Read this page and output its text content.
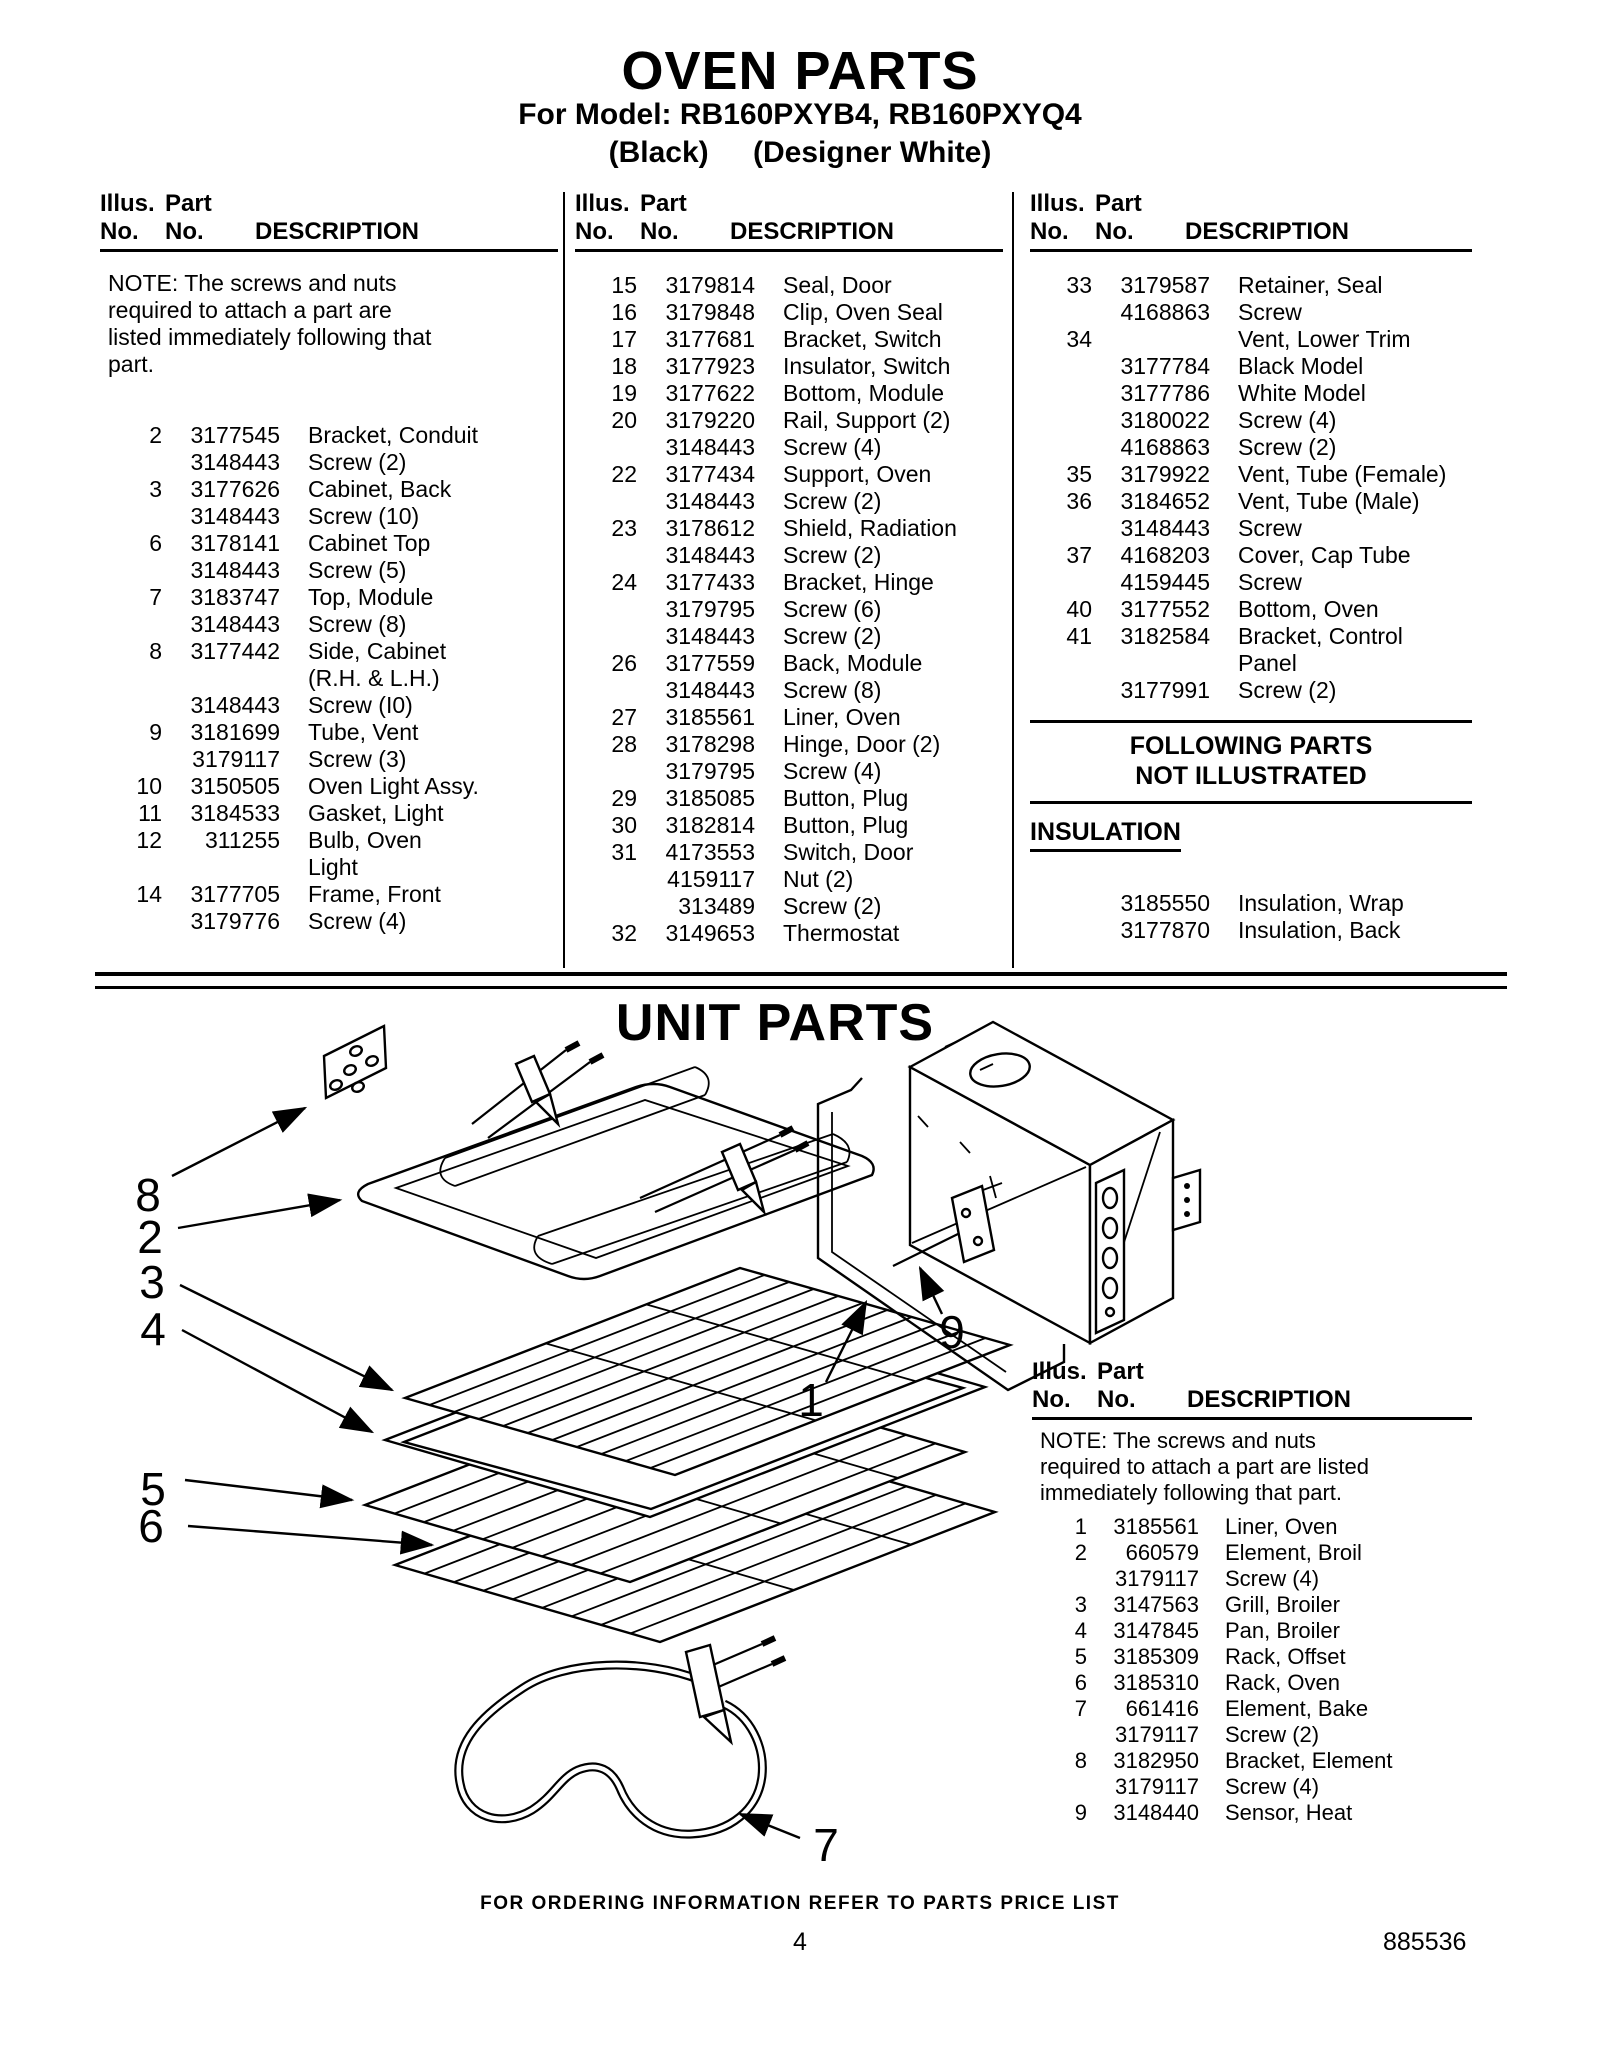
OVEN PARTS
For Model: RB160PXYB4, RB160PXYQ4
(Black) (Designer White)
Illus. Part
No. No. DESCRIPTION
NOTE: The screws and nuts required to attach a part are listed immediately following that part.
2	3177545	Bracket, Conduit

3148443	Screw (2)
3	3177626	Cabinet, Back

3148443	Screw (10)
6	3178141	Cabinet Top

3148443	Screw (5)
7	3183747	Top, Module

3148443	Screw (8)
8	3177442	Side, Cabinet

(R.H. & L.H.)

3148443	Screw (I0)
9	3181699	Tube, Vent

3179117	Screw (3)
10	3150505	Oven Light Assy.
11	3184533	Gasket, Light
12	311255	Bulb, Oven

Light
14	3177705	Frame, Front

3179776	Screw (4)
Illus. Part
No. No. DESCRIPTION
15	3179814	Seal, Door
16	3179848	Clip, Oven Seal
17	3177681	Bracket, Switch
18	3177923	Insulator, Switch
19	3177622	Bottom, Module
20	3179220	Rail, Support (2)

3148443	Screw (4)
22	3177434	Support, Oven

3148443	Screw (2)
23	3178612	Shield, Radiation

3148443	Screw (2)
24	3177433	Bracket, Hinge

3179795	Screw (6)

3148443	Screw (2)
26	3177559	Back, Module

3148443	Screw (8)
27	3185561	Liner, Oven
28	3178298	Hinge, Door (2)

3179795	Screw (4)
29	3185085	Button, Plug
30	3182814	Button, Plug
31	4173553	Switch, Door

4159117	Nut (2)

313489	Screw (2)
32	3149653	Thermostat
Illus. Part
No. No. DESCRIPTION
33	3179587	Retainer, Seal

4168863	Screw
34
	Vent, Lower Trim

3177784	Black Model

3177786	White Model

3180022	Screw (4)

4168863	Screw (2)
35	3179922	Vent, Tube (Female)
36	3184652	Vent, Tube (Male)

3148443	Screw
37	4168203	Cover, Cap Tube

4159445	Screw
40	3177552	Bottom, Oven
41	3182584	Bracket, Control

Panel

3177991	Screw (2)
FOLLOWING PARTS
NOT ILLUSTRATED
INSULATION

3185550	Insulation, Wrap

3177870	Insulation, Back
UNIT PARTS
8
2
3
4
5
6
1
9
7
Illus. Part
No. No. DESCRIPTION
NOTE: The screws and nuts required to attach a part are listed immediately following that part.
1	3185561	Liner, Oven
2	660579	Element, Broil

3179117	Screw (4)
3	3147563	Grill, Broiler
4	3147845	Pan, Broiler
5	3185309	Rack, Offset
6	3185310	Rack, Oven
7	661416	Element, Bake

3179117	Screw (2)
8	3182950	Bracket, Element

3179117	Screw (4)
9	3148440	Sensor, Heat
FOR ORDERING INFORMATION REFER TO PARTS PRICE LIST
4	885536
